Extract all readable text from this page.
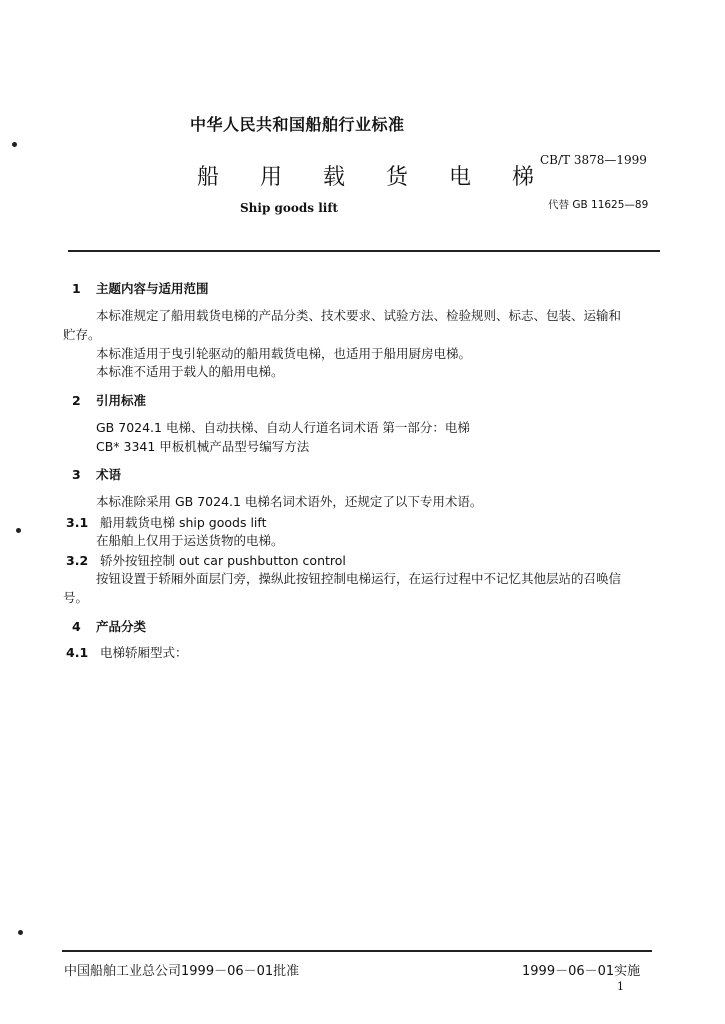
中华人民共和国船舶行业标准
CB/T 3878—1999
船 用 载 货 电 梯
Ship goods lift	代替 GB 11625—89
1 主题内容与适用范围
本标准规定了船用载货电梯的产品分类、技术要求、试验方法、检验规则、标志、包装、运输和
贮存。
本标准适用于曳引轮驱动的船用载货电梯，也适用于船用厨房电梯。
本标准不适用于载人的船用电梯。
2 引用标准
GB 7024.1 电梯、自动扶梯、自动人行道名词术语 第一部分：电梯
CB* 3341 甲板机械产品型号编写方法
3 术语
本标准除采用 GB 7024.1 电梯名词术语外，还规定了以下专用术语。
3.1 船用载货电梯 ship goods lift
在船舶上仅用于运送货物的电梯。
3.2 轿外按钮控制 out car pushbutton control
按钮设置于轿厢外面层门旁，操纵此按钮控制电梯运行，在运行过程中不记忆其他层站的召唤信
号。
4 产品分类
4.1 电梯轿厢型式：
中国船舶工业总公司1999－06－01批准	1999－06－01实施
1
